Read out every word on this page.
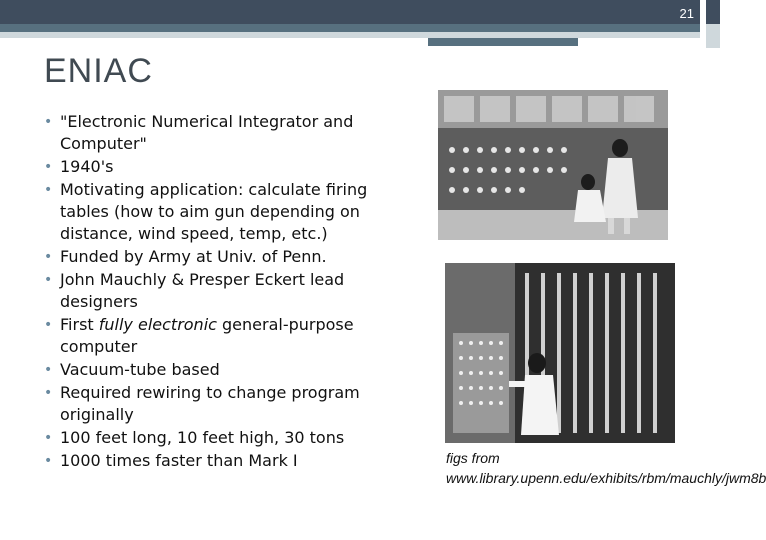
21
ENIAC
• "Electronic Numerical Integrator and Computer"
• 1940's
• Motivating application: calculate firing tables (how to aim gun depending on distance, wind speed, temp, etc.)
• Funded by Army at Univ. of Penn.
• John Mauchly & Presper Eckert lead designers
• First fully electronic general-purpose computer
• Vacuum-tube based
• Required rewiring to change program originally
• 100 feet long, 10 feet high, 30 tons
• 1000 times faster than Mark I	figs from www.library.upenn.edu/exhibits/rbm/mauchly/jwm8b
